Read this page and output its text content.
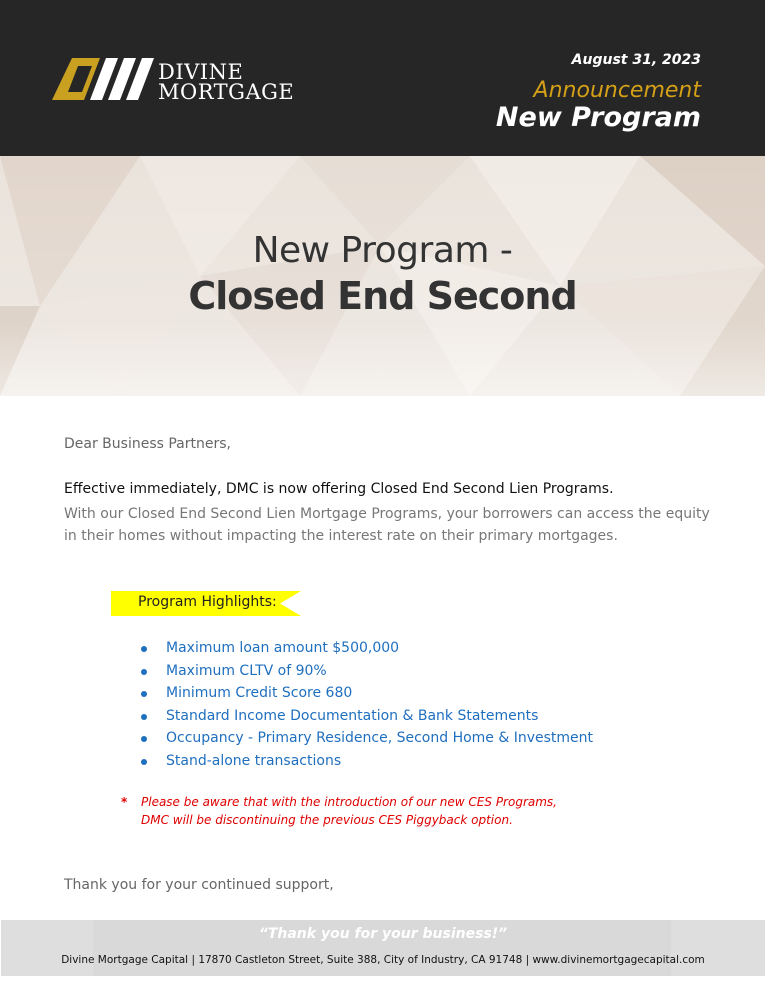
DIVINE
MORTGAGE
August 31, 2023
Announcement
New Program
New Program -
Closed End Second
Dear Business Partners,
Effective immediately, DMC is now offering Closed End Second Lien Programs.
With our Closed End Second Lien Mortgage Programs, your borrowers can access the equity in their homes without impacting the interest rate on their primary mortgages.
Program Highlights:
Maximum loan amount $500,000
Maximum CLTV of 90%
Minimum Credit Score 680
Standard Income Documentation & Bank Statements
Occupancy - Primary Residence, Second Home & Investment
Stand-alone transactions
*	Please be aware that with the introduction of our new CES Programs,
DMC will be discontinuing the previous CES Piggyback option.
Thank you for your continued support,
“Thank you for your business!”
Divine Mortgage Capital | 17870 Castleton Street, Suite 388, City of Industry, CA 91748 | www.divinemortgagecapital.com
